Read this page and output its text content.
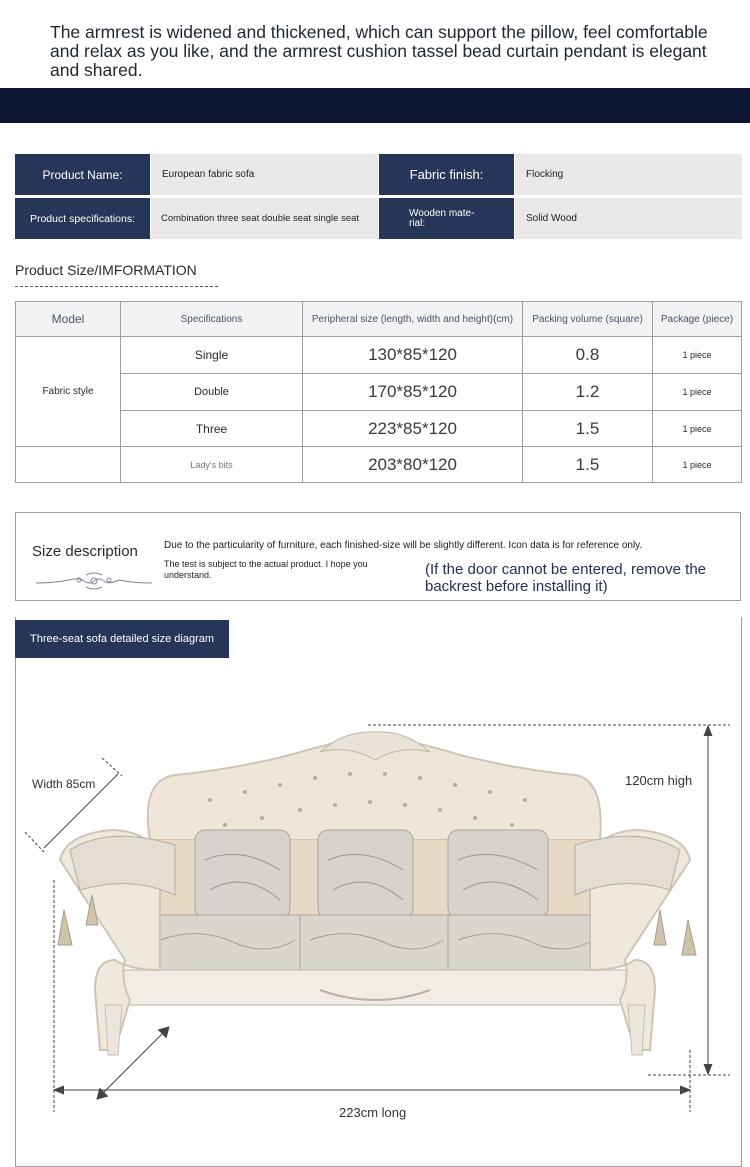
The armrest is widened and thickened, which can support the pillow, feel comfortable and relax as you like, and the armrest cushion tassel bead curtain pendant is elegant and shared.
Product Name:	European fabric sofa	Fabric finish:	Flocking
Product specifications:	Combination three seat double seat single seat	Wooden mate-rial:	Solid Wood
Product Size/IMFORMATION
Model	Specifications	Peripheral size (length, width and height)(cm)	Packing volume (square)	Package (piece)
Fabric style
Single	130*85*120	0.8	1 piece
Double	170*85*120	1.2	1 piece
Three	223*85*120	1.5	1 piece
Lady's bits	203*80*120	1.5	1 piece
Size description	Due to the particularity of furniture, each finished-size will be slightly different. Icon data is for reference only.
The test is subject to the actual product. I hope you understand.	(If the door cannot be entered, remove the backrest before installing it)
Three-seat sofa detailed size diagram
Width 85cm	120cm high
223cm long
